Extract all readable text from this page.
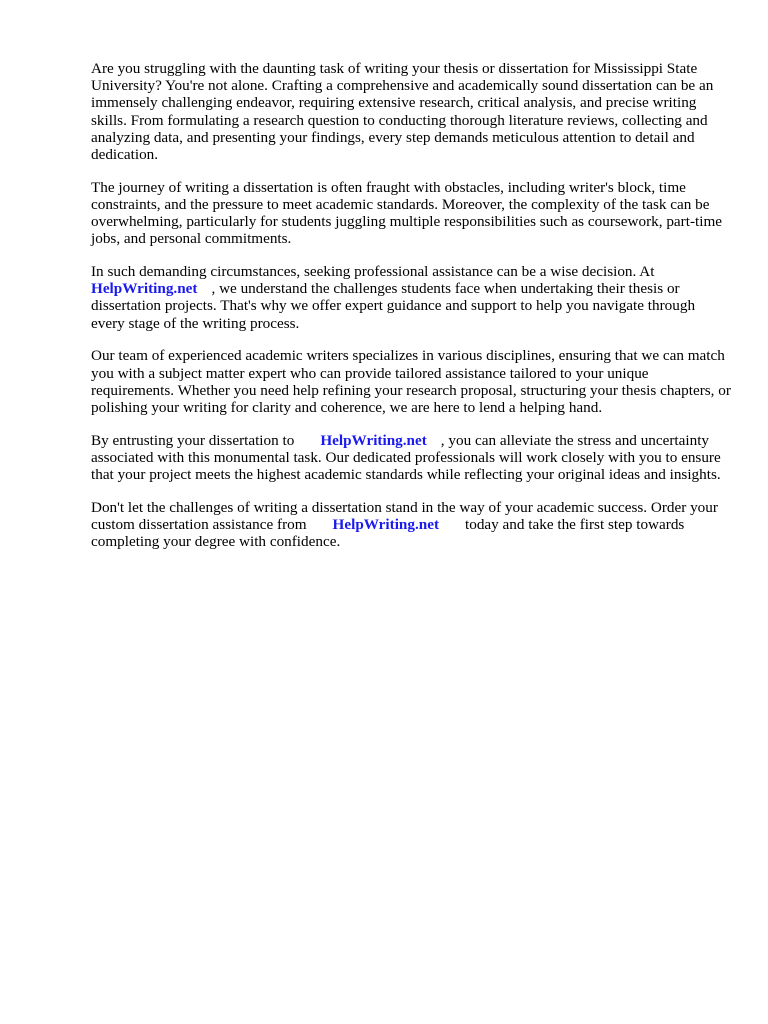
Are you struggling with the daunting task of writing your thesis or dissertation for Mississippi State University? You're not alone. Crafting a comprehensive and academically sound dissertation can be an immensely challenging endeavor, requiring extensive research, critical analysis, and precise writing skills. From formulating a research question to conducting thorough literature reviews, collecting and analyzing data, and presenting your findings, every step demands meticulous attention to detail and dedication.

The journey of writing a dissertation is often fraught with obstacles, including writer's block, time constraints, and the pressure to meet academic standards. Moreover, the complexity of the task can be overwhelming, particularly for students juggling multiple responsibilities such as coursework, part-time jobs, and personal commitments.

In such demanding circumstances, seeking professional assistance can be a wise decision. At
HelpWriting.net , we understand the challenges students face when undertaking their thesis or dissertation projects. That's why we offer expert guidance and support to help you navigate through every stage of the writing process.

Our team of experienced academic writers specializes in various disciplines, ensuring that we can match you with a subject matter expert who can provide tailored assistance tailored to your unique requirements. Whether you need help refining your research proposal, structuring your thesis chapters, or polishing your writing for clarity and coherence, we are here to lend a helping hand.

By entrusting your dissertation to HelpWriting.net , you can alleviate the stress and uncertainty associated with this monumental task. Our dedicated professionals will work closely with you to ensure that your project meets the highest academic standards while reflecting your original ideas and insights.

Don't let the challenges of writing a dissertation stand in the way of your academic success. Order your custom dissertation assistance from HelpWriting.net today and take the first step towards completing your degree with confidence.
